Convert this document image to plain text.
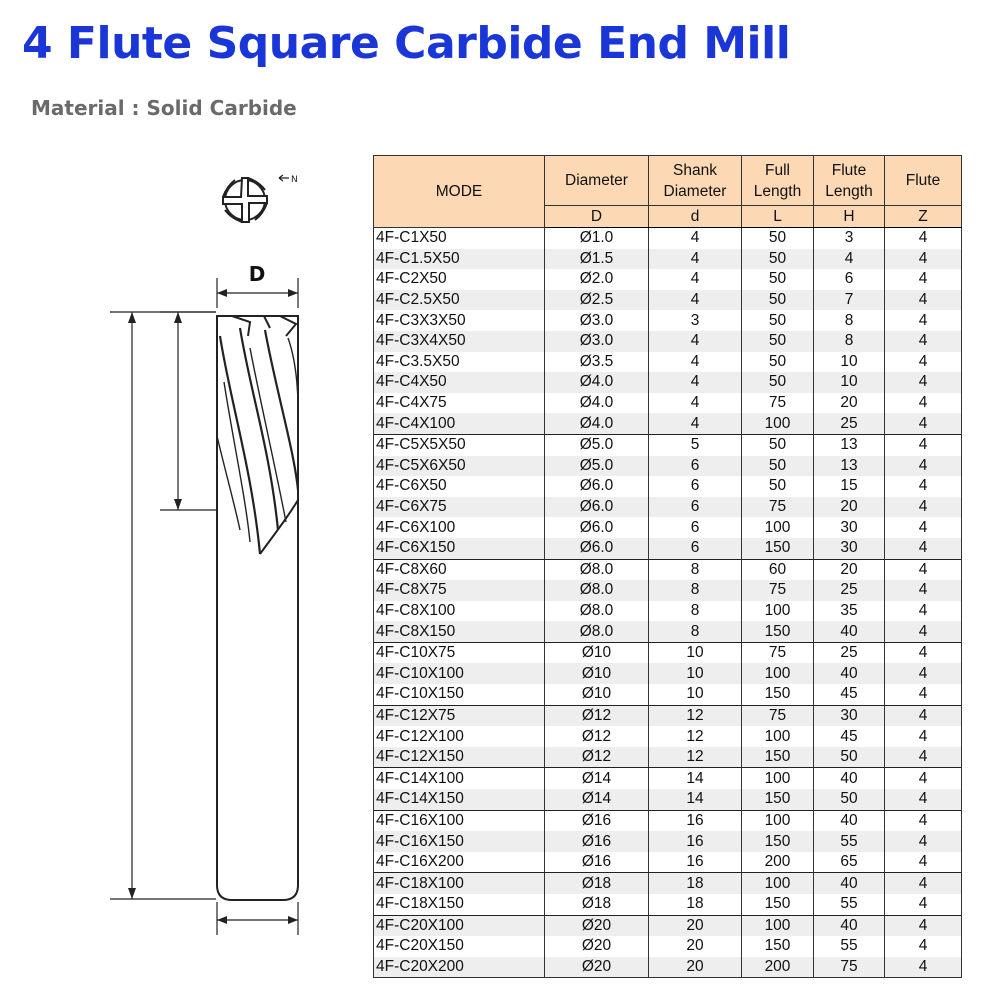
4 Flute Square Carbide End Mill
Material : Solid Carbide
N
D
MODE	Diameter	Shank Diameter	Full Length	Flute Length	Flute
	D	d	L	H	Z
4F-C1X50	Ø1.0	4	50	3	4
4F-C1.5X50	Ø1.5	4	50	4	4
4F-C2X50	Ø2.0	4	50	6	4
4F-C2.5X50	Ø2.5	4	50	7	4
4F-C3X3X50	Ø3.0	3	50	8	4
4F-C3X4X50	Ø3.0	4	50	8	4
4F-C3.5X50	Ø3.5	4	50	10	4
4F-C4X50	Ø4.0	4	50	10	4
4F-C4X75	Ø4.0	4	75	20	4
4F-C4X100	Ø4.0	4	100	25	4
4F-C5X5X50	Ø5.0	5	50	13	4
4F-C5X6X50	Ø5.0	6	50	13	4
4F-C6X50	Ø6.0	6	50	15	4
4F-C6X75	Ø6.0	6	75	20	4
4F-C6X100	Ø6.0	6	100	30	4
4F-C6X150	Ø6.0	6	150	30	4
4F-C8X60	Ø8.0	8	60	20	4
4F-C8X75	Ø8.0	8	75	25	4
4F-C8X100	Ø8.0	8	100	35	4
4F-C8X150	Ø8.0	8	150	40	4
4F-C10X75	Ø10	10	75	25	4
4F-C10X100	Ø10	10	100	40	4
4F-C10X150	Ø10	10	150	45	4
4F-C12X75	Ø12	12	75	30	4
4F-C12X100	Ø12	12	100	45	4
4F-C12X150	Ø12	12	150	50	4
4F-C14X100	Ø14	14	100	40	4
4F-C14X150	Ø14	14	150	50	4
4F-C16X100	Ø16	16	100	40	4
4F-C16X150	Ø16	16	150	55	4
4F-C16X200	Ø16	16	200	65	4
4F-C18X100	Ø18	18	100	40	4
4F-C18X150	Ø18	18	150	55	4
4F-C20X100	Ø20	20	100	40	4
4F-C20X150	Ø20	20	150	55	4
4F-C20X200	Ø20	20	200	75	4
